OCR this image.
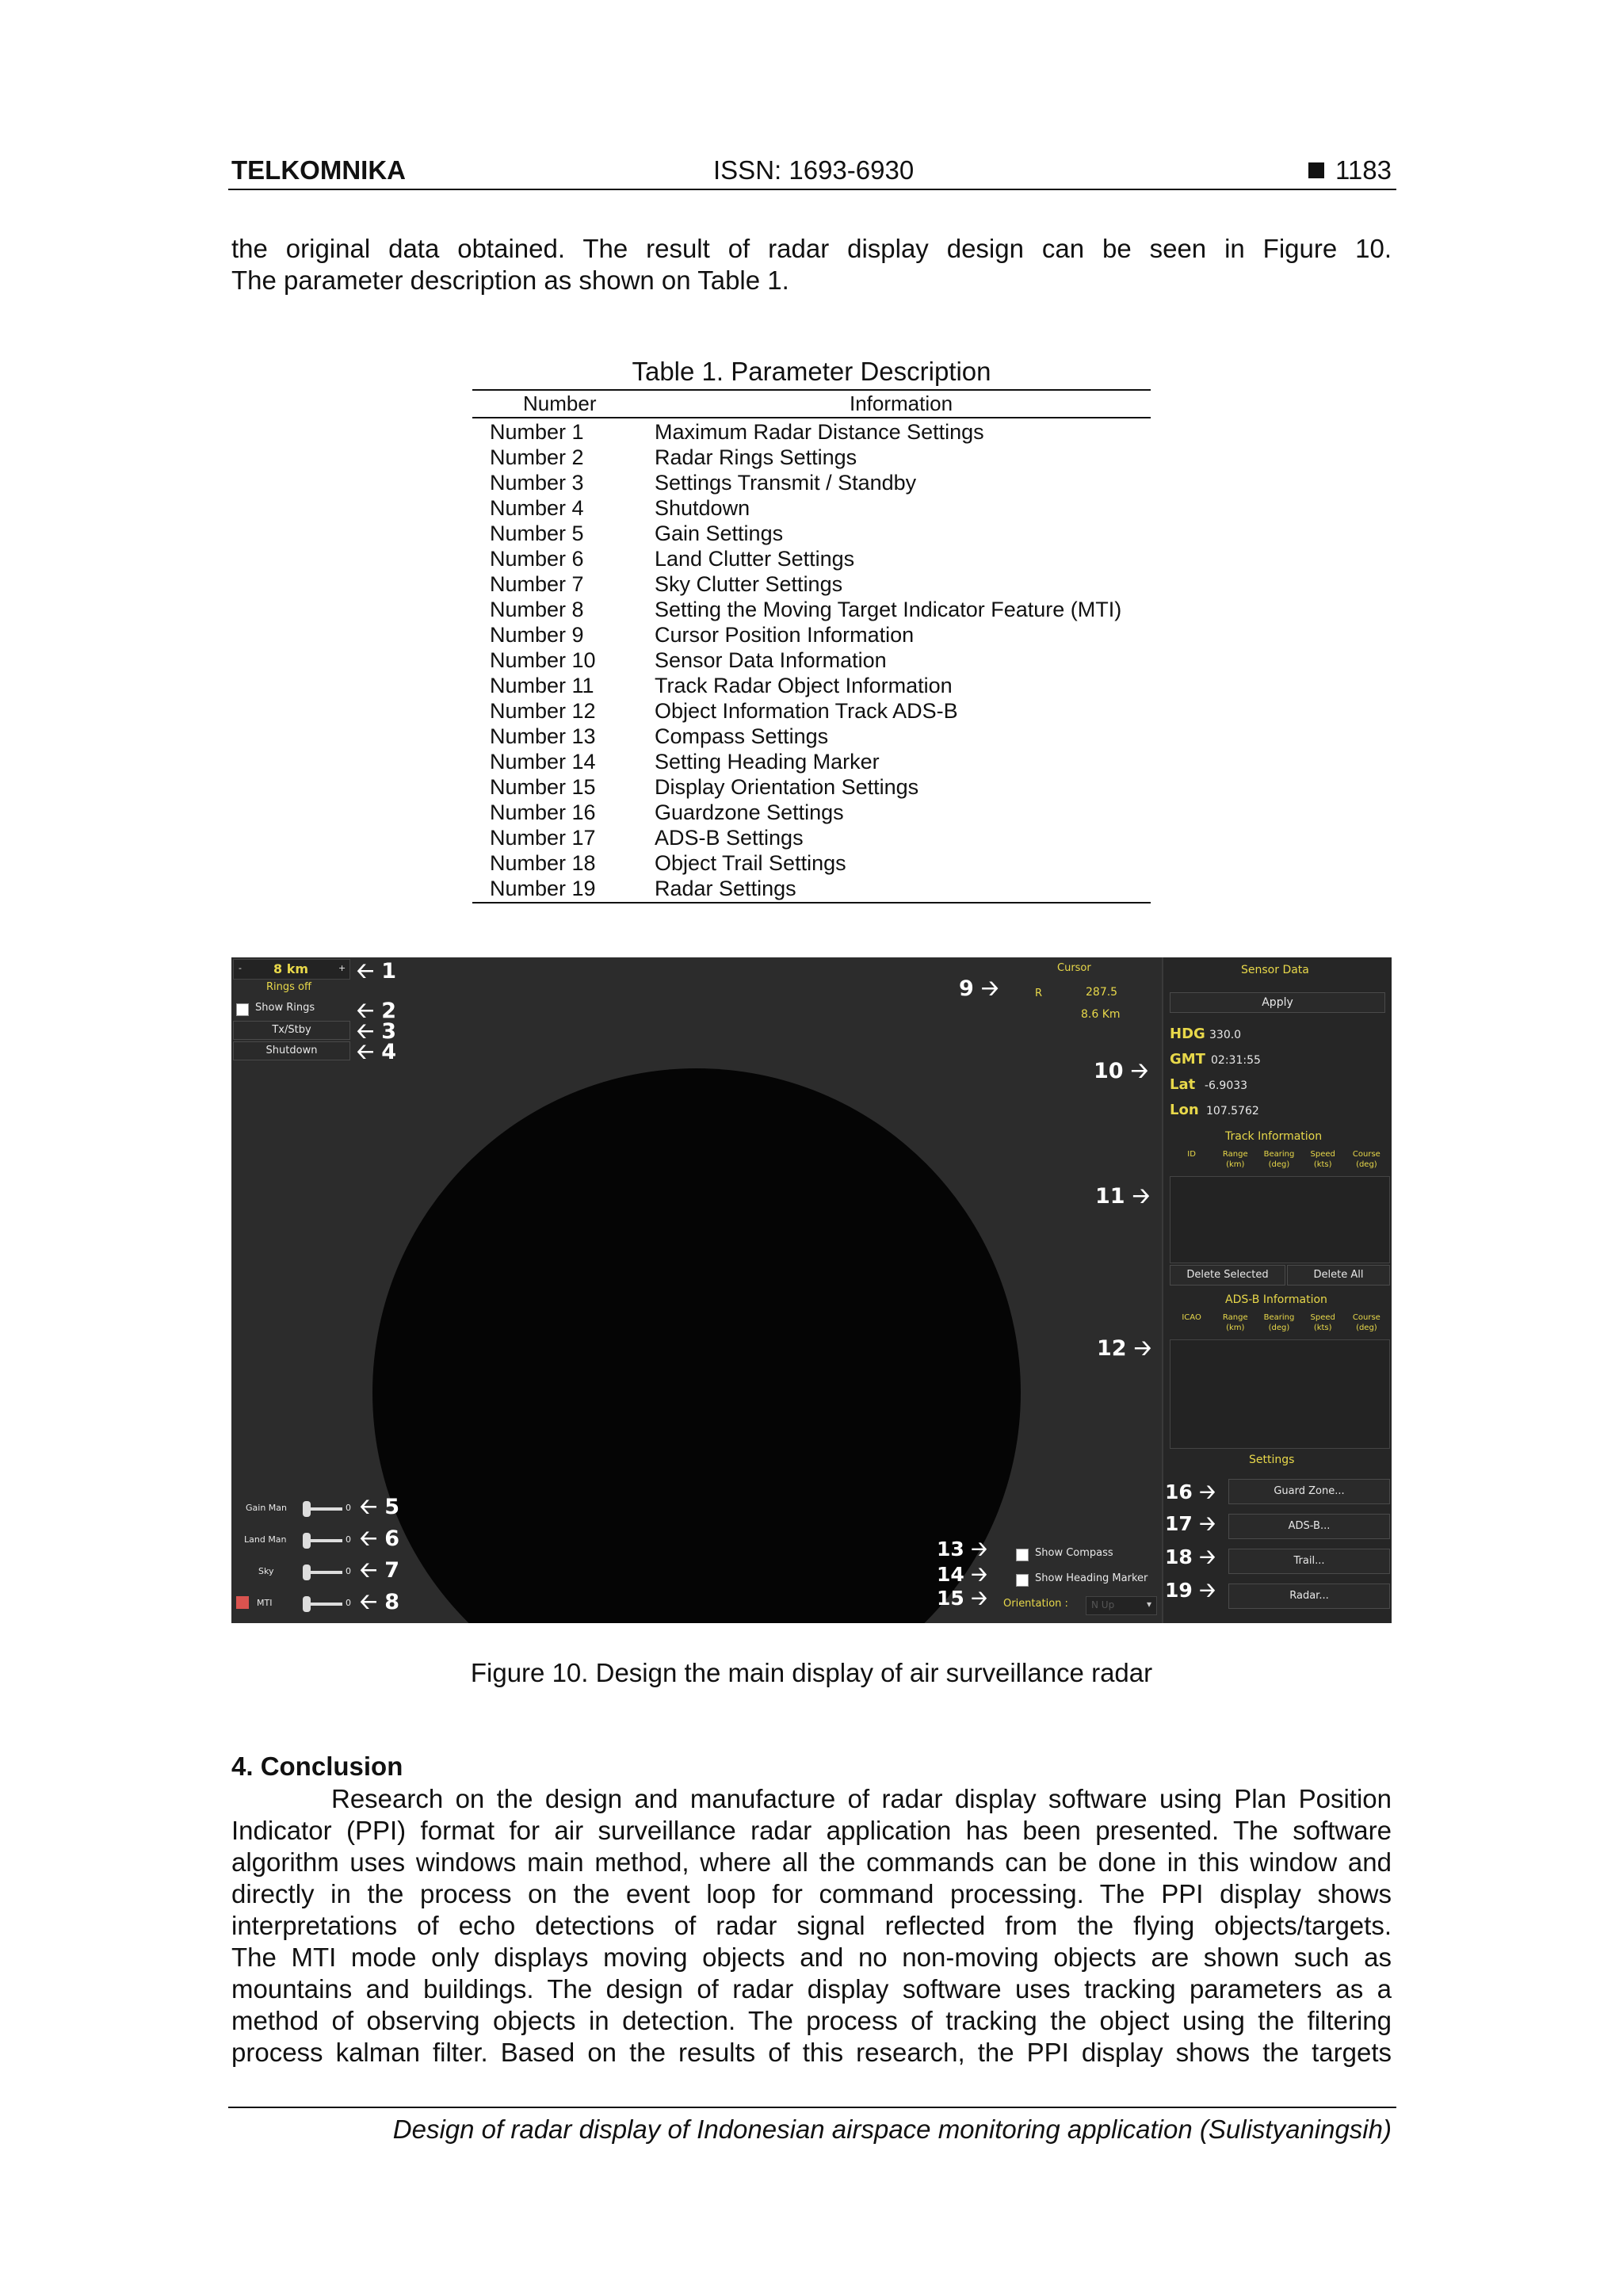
TELKOMNIKA	ISSN: 1693-6930	1183
the original data obtained. The result of radar display design can be seen in Figure 10.
The parameter description as shown on Table 1.
Table 1. Parameter Description
Number	Information
Number 1	Maximum Radar Distance Settings
Number 2	Radar Rings Settings
Number 3	Settings Transmit / Standby
Number 4	Shutdown
Number 5	Gain Settings
Number 6	Land Clutter Settings
Number 7	Sky Clutter Settings
Number 8	Setting the Moving Target Indicator Feature (MTI)
Number 9	Cursor Position Information
Number 10	Sensor Data Information
Number 11	Track Radar Object Information
Number 12	Object Information Track ADS-B
Number 13	Compass Settings
Number 14	Setting Heading Marker
Number 15	Display Orientation Settings
Number 16	Guardzone Settings
Number 17	ADS-B Settings
Number 18	Object Trail Settings
Number 19	Radar Settings
-	8 km	+
Rings off
Show Rings
Tx/Stby
Shutdown
🡠 1
🡠 2
🡠 3
🡠 4
Gain Man	0 🡠 5
Land Man	0 🡠 6
Sky	0 🡠 7
MTI	0 🡠 8
9 🡢
Cursor
R	287.5
8.6 Km
10 🡢
11 🡢
12 🡢
Sensor Data
Apply
HDG 330.0
GMT 02:31:55
Lat -6.9033
Lon 107.5762
Track Information
ID	Range (km)
Bearing (deg)
Speed (kts)
Course (deg)
Delete Selected	Delete All
ADS-B Information
ICAO	Range (km)
Bearing (deg)
Speed (kts)
Course (deg)
Settings
Guard Zone...
ADS-B...
Trail...
Radar...
16 🡢
17 🡢
18 🡢
19 🡢
13 🡢
14 🡢
15 🡢
Show Compass
Show Heading Marker
Orientation : N Up	▾
Figure 10. Design the main display of air surveillance radar
4. Conclusion
Research on the design and manufacture of radar display software using Plan Position
Indicator (PPI) format for air surveillance radar application has been presented. The software
algorithm uses windows main method, where all the commands can be done in this window and
directly in the process on the event loop for command processing. The PPI display shows
interpretations of echo detections of radar signal reflected from the flying objects/targets.
The MTI mode only displays moving objects and no non-moving objects are shown such as
mountains and buildings. The design of radar display software uses tracking parameters as a
method of observing objects in detection. The process of tracking the object using the filtering
process kalman filter. Based on the results of this research, the PPI display shows the targets
Design of radar display of Indonesian airspace monitoring application (Sulistyaningsih)
